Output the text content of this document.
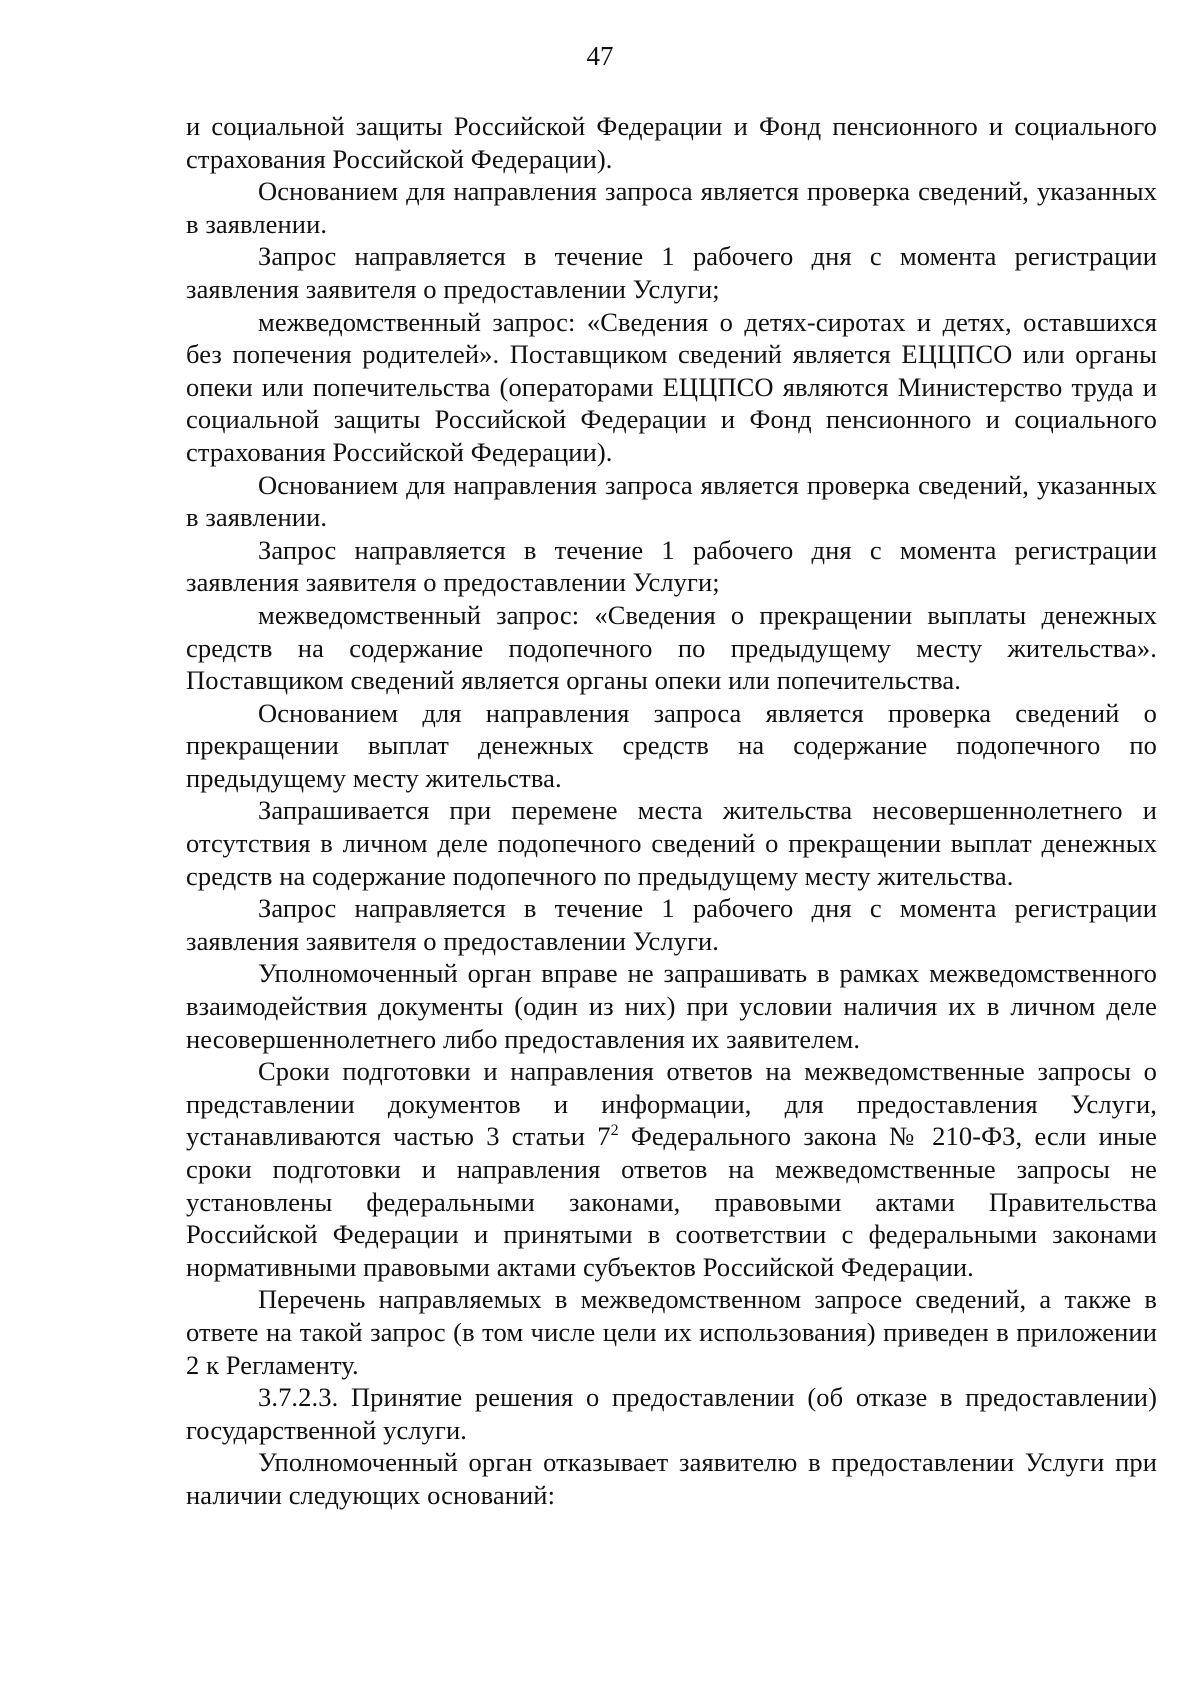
47

и социальной защиты Российской Федерации и Фонд пенсионного и социального страхования Российской Федерации).

Основанием для направления запроса является проверка сведений, указанных в заявлении.

Запрос направляется в течение 1 рабочего дня с момента регистрации заявления заявителя о предоставлении Услуги;

межведомственный запрос: «Сведения о детях-сиротах и детях, оставшихся без попечения родителей». Поставщиком сведений является ЕЦЦПСО или органы опеки или попечительства (операторами ЕЦЦПСО являются Министерство труда и социальной защиты Российской Федерации и Фонд пенсионного и социального страхования Российской Федерации).

Основанием для направления запроса является проверка сведений, указанных в заявлении.

Запрос направляется в течение 1 рабочего дня с момента регистрации заявления заявителя о предоставлении Услуги;

межведомственный запрос: «Сведения о прекращении выплаты денежных средств на содержание подопечного по предыдущему месту жительства». Поставщиком сведений является органы опеки или попечительства.

Основанием для направления запроса является проверка сведений о прекращении выплат денежных средств на содержание подопечного по предыдущему месту жительства.

Запрашивается при перемене места жительства несовершеннолетнего и отсутствия в личном деле подопечного сведений о прекращении выплат денежных средств на содержание подопечного по предыдущему месту жительства.

Запрос направляется в течение 1 рабочего дня с момента регистрации заявления заявителя о предоставлении Услуги.

Уполномоченный орган вправе не запрашивать в рамках межведомственного взаимодействия документы (один из них) при условии наличия их в личном деле несовершеннолетнего либо предоставления их заявителем.

Сроки подготовки и направления ответов на межведомственные запросы о представлении документов и информации, для предоставления Услуги, устанавливаются частью 3 статьи $7^2$ Федерального закона № 210-ФЗ, если иные сроки подготовки и направления ответов на межведомственные запросы не установлены федеральными законами, правовыми актами Правительства Российской Федерации и принятыми в соответствии с федеральными законами нормативными правовыми актами субъектов Российской Федерации.

Перечень направляемых в межведомственном запросе сведений, а также в ответе на такой запрос (в том числе цели их использования) приведен в приложении 2 к Регламенту.

3.7.2.3. Принятие решения о предоставлении (об отказе в предоставлении) государственной услуги.

Уполномоченный орган отказывает заявителю в предоставлении Услуги при наличии следующих оснований:
